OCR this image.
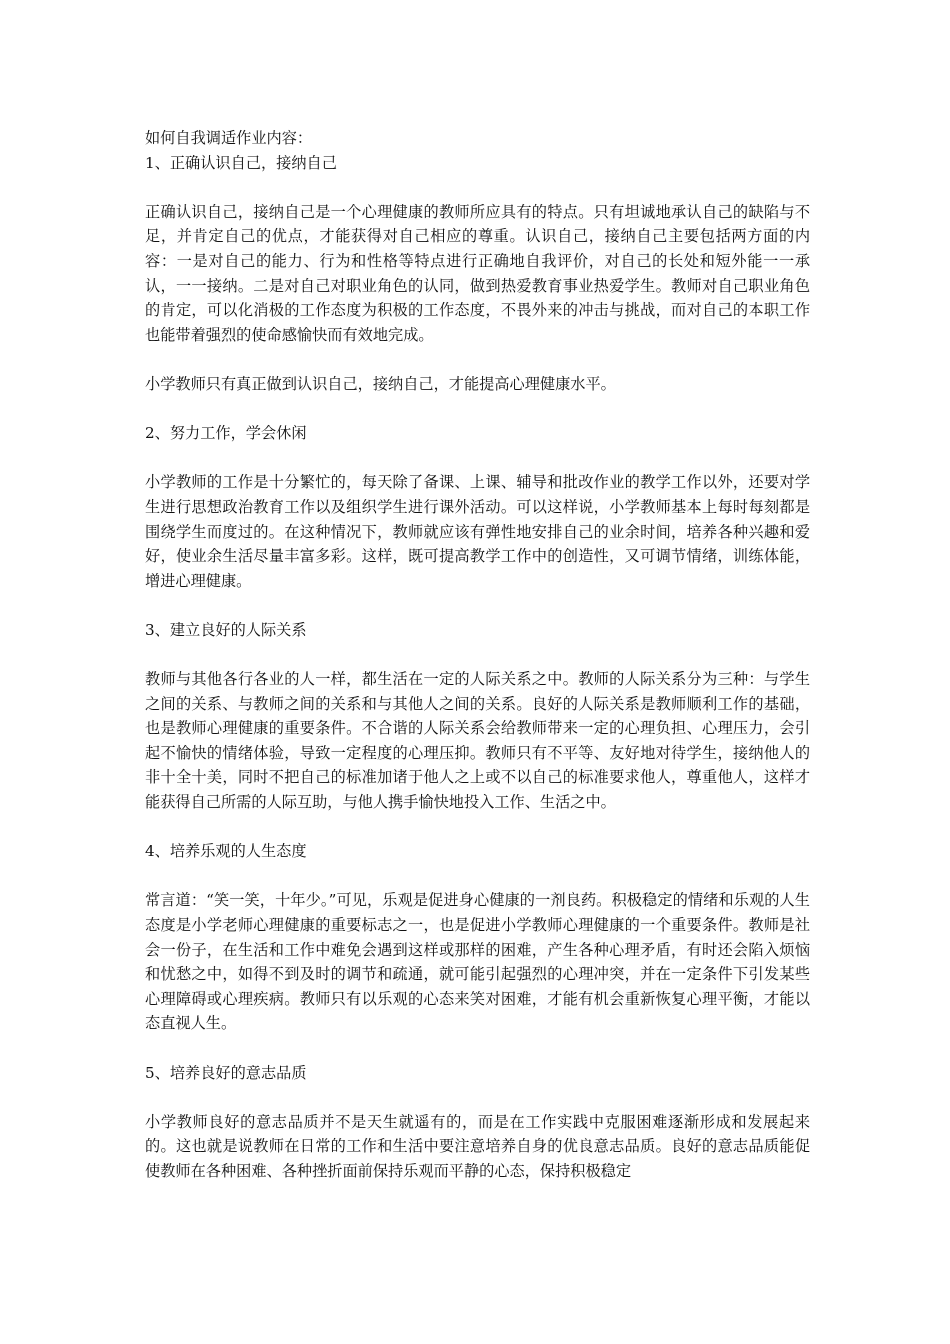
如何自我调适作业内容：
1、正确认识自己，接纳自己
正确认识自己，接纳自己是一个心理健康的教师所应具有的特点。只有坦诚地承认自己的缺陷与不足，并肯定自己的优点，才能获得对自己相应的尊重。认识自己，接纳自己主要包括两方面的内容：一是对自己的能力、行为和性格等特点进行正确地自我评价，对自己的长处和短外能一一承认，一一接纳。二是对自己对职业角色的认同，做到热爱教育事业热爱学生。教师对自己职业角色的肯定，可以化消极的工作态度为积极的工作态度，不畏外来的冲击与挑战，而对自己的本职工作也能带着强烈的使命感愉快而有效地完成。
小学教师只有真正做到认识自己，接纳自己，才能提高心理健康水平。
2、努力工作，学会休闲
小学教师的工作是十分繁忙的，每天除了备课、上课、辅导和批改作业的教学工作以外，还要对学生进行思想政治教育工作以及组织学生进行课外活动。可以这样说，小学教师基本上每时每刻都是围绕学生而度过的。在这种情况下，教师就应该有弹性地安排自己的业余时间，培养各种兴趣和爱好，使业余生活尽量丰富多彩。这样，既可提高教学工作中的创造性，又可调节情绪，训练体能，增进心理健康。
3、建立良好的人际关系
教师与其他各行各业的人一样，都生活在一定的人际关系之中。教师的人际关系分为三种：与学生之间的关系、与教师之间的关系和与其他人之间的关系。良好的人际关系是教师顺利工作的基础，也是教师心理健康的重要条件。不合谐的人际关系会给教师带来一定的心理负担、心理压力，会引起不愉快的情绪体验，导致一定程度的心理压抑。教师只有不平等、友好地对待学生，接纳他人的非十全十美，同时不把自己的标准加诸于他人之上或不以自己的标准要求他人，尊重他人，这样才能获得自己所需的人际互助，与他人携手愉快地投入工作、生活之中。
4、培养乐观的人生态度
常言道：“笑一笑，十年少。”可见，乐观是促进身心健康的一剂良药。积极稳定的情绪和乐观的人生态度是小学老师心理健康的重要标志之一，也是促进小学教师心理健康的一个重要条件。教师是社会一份子，在生活和工作中难免会遇到这样或那样的困难，产生各种心理矛盾，有时还会陷入烦恼和忧愁之中，如得不到及时的调节和疏通，就可能引起强烈的心理冲突，并在一定条件下引发某些心理障碍或心理疾病。教师只有以乐观的心态来笑对困难，才能有机会重新恢复心理平衡，才能以态直视人生。
5、培养良好的意志品质
小学教师良好的意志品质并不是天生就遥有的，而是在工作实践中克服困难逐渐形成和发展起来的。这也就是说教师在日常的工作和生活中要注意培养自身的优良意志品质。良好的意志品质能促使教师在各种困难、各种挫折面前保持乐观而平静的心态，保持积极稳定
